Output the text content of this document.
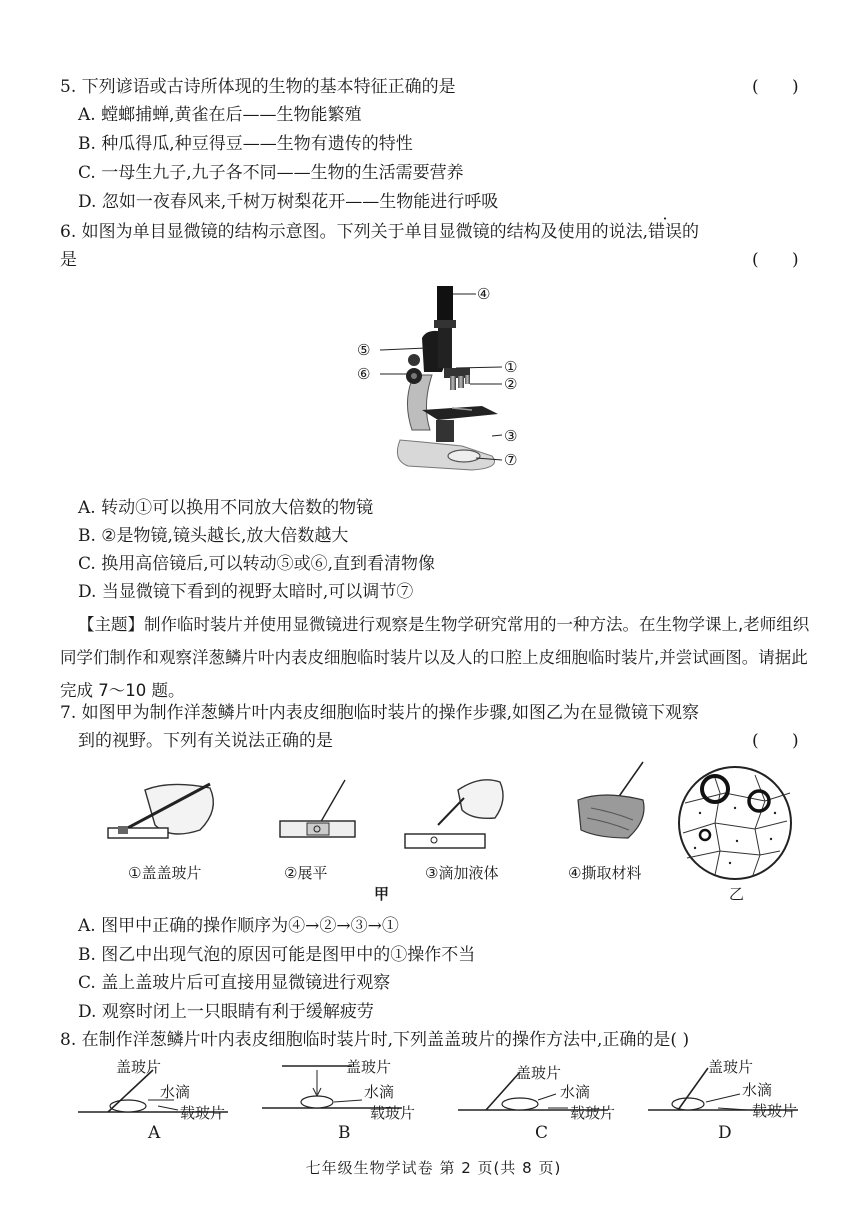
5. 下列谚语或古诗所体现的生物的基本特征正确的是	( )
A. 螳螂捕蝉,黄雀在后——生物能繁殖
B. 种瓜得瓜,种豆得豆——生物有遗传的特性
C. 一母生九子,九子各不同——生物的生活需要营养
D. 忽如一夜春风来,千树万树梨花开——生物能进行呼吸
6. 如图为单目显微镜的结构示意图。下列关于单目显微镜的结构及使用的说法,错误的
是	( )
④
⑤
①
⑥
②
③
⑦
A. 转动①可以换用不同放大倍数的物镜
B. ②是物镜,镜头越长,放大倍数越大
C. 换用高倍镜后,可以转动⑤或⑥,直到看清物像
D. 当显微镜下看到的视野太暗时,可以调节⑦
【主题】制作临时装片并使用显微镜进行观察是生物学研究常用的一种方法。在生物学课上,老师组织同学们制作和观察洋葱鳞片叶内表皮细胞临时装片以及人的口腔上皮细胞临时装片,并尝试画图。请据此完成 7～10 题。
7. 如图甲为制作洋葱鳞片叶内表皮细胞临时装片的操作步骤,如图乙为在显微镜下观察
到的视野。下列有关说法正确的是	( )
①盖盖玻片	②展平	③滴加液体	④撕取材料
甲	乙
A. 图甲中正确的操作顺序为④→②→③→①
B. 图乙中出现气泡的原因可能是图甲中的①操作不当
C. 盖上盖玻片后可直接用显微镜进行观察
D. 观察时闭上一只眼睛有利于缓解疲劳
8. 在制作洋葱鳞片叶内表皮细胞临时装片时,下列盖盖玻片的操作方法中,正确的是( )
盖玻片
水滴
载玻片
A
盖玻片
水滴
载玻片
B
盖玻片
水滴
载玻片
C
盖玻片
水滴
载玻片
D
七年级生物学试卷 第 2 页(共 8 页)
